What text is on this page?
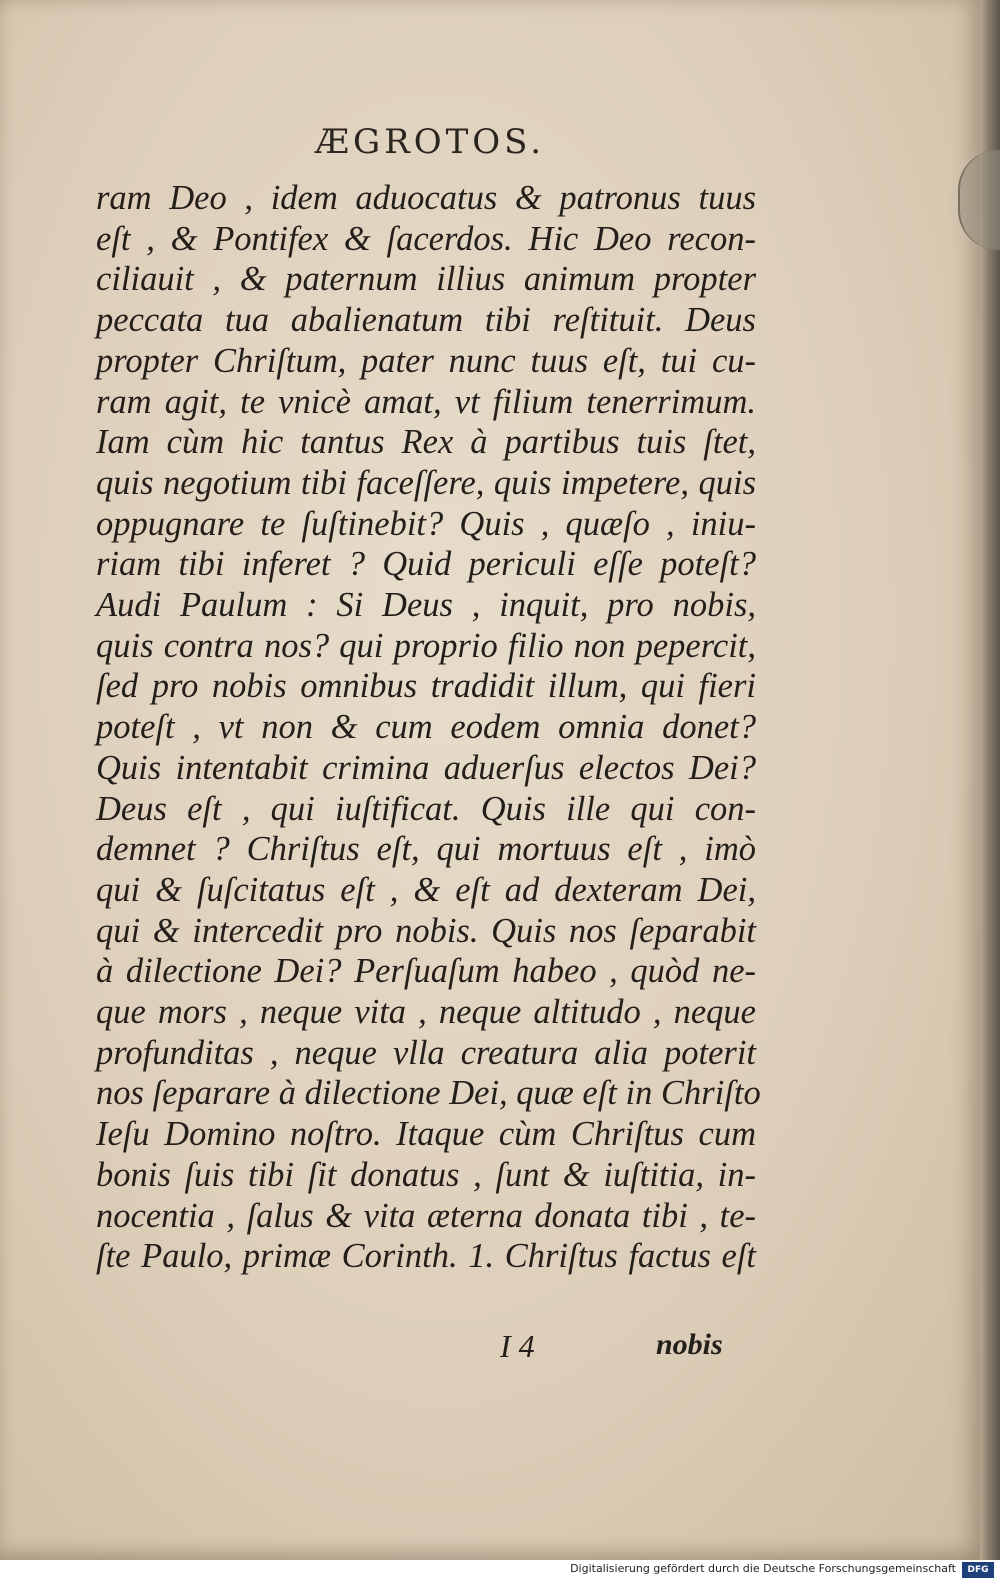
ÆGROTOS.
ram Deo , idem aduocatus & patronus tuus
eſt , & Pontifex & ſacerdos. Hic Deo recon-
ciliauit , & paternum illius animum propter
peccata tua abalienatum tibi reſtituit. Deus
propter Chriſtum, pater nunc tuus eſt, tui cu-
ram agit, te vnicè amat, vt filium tenerrimum.
Iam cùm hic tantus Rex à partibus tuis ſtet,
quis negotium tibi faceſſere, quis impetere, quis
oppugnare te ſuſtinebit? Quis , quæſo , iniu-
riam tibi inferet ? Quid periculi eſſe poteſt?
Audi Paulum : Si Deus , inquit, pro nobis,
quis contra nos? qui proprio filio non pepercit,
ſed pro nobis omnibus tradidit illum, qui fieri
poteſt , vt non & cum eodem omnia donet?
Quis intentabit crimina aduerſus electos Dei?
Deus eſt , qui iuſtificat. Quis ille qui con-
demnet ? Chriſtus eſt, qui mortuus eſt , imò
qui & ſuſcitatus eſt , & eſt ad dexteram Dei,
qui & intercedit pro nobis. Quis nos ſeparabit
à dilectione Dei? Perſuaſum habeo , quòd ne-
que mors , neque vita , neque altitudo , neque
profunditas , neque vlla creatura alia poterit
nos ſeparare à dilectione Dei, quæ eſt in Chriſto
Ieſu Domino noſtro. Itaque cùm Chriſtus cum
bonis ſuis tibi ſit donatus , ſunt & iuſtitia, in-
nocentia , ſalus & vita æterna donata tibi , te-
ſte Paulo, primæ Corinth. 1. Chriſtus factus eſt
I 4	nobis
Digitalisierung gefördert durch die Deutsche Forschungsgemeinschaft	DFG
